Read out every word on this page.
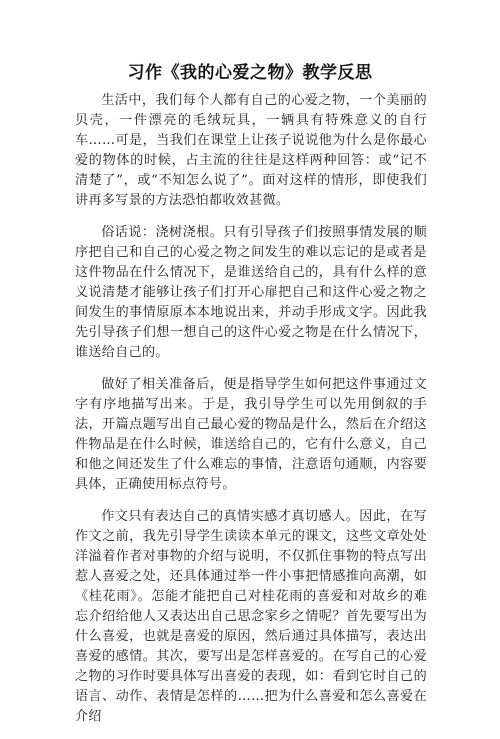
习作《我的心爱之物》教学反思

生活中，我们每个人都有自己的心爱之物，一个美丽的贝壳，一件漂亮的毛绒玩具，一辆具有特殊意义的自行车……可是，当我们在课堂上让孩子说说他为什么是你最心爱的物体的时候，占主流的往往是这样两种回答：或“记不清楚了”，或“不知怎么说了”。面对这样的情形，即使我们讲再多写景的方法恐怕都收效甚微。

俗话说：浇树浇根。只有引导孩子们按照事情发展的顺序把自己和自己的心爱之物之间发生的难以忘记的是或者是这件物品在什么情况下，是谁送给自己的，具有什么样的意义说清楚才能够让孩子们打开心扉把自己和这件心爱之物之间发生的事情原原本本地说出来，并动手形成文字。因此我先引导孩子们想一想自己的这件心爱之物是在什么情况下，谁送给自己的。

做好了相关准备后，便是指导学生如何把这件事通过文字有序地描写出来。于是，我引导学生可以先用倒叙的手法，开篇点题写出自己最心爱的物品是什么，然后在介绍这件物品是在什么时候，谁送给自己的，它有什么意义，自己和他之间还发生了什么难忘的事情，注意语句通顺，内容要具体，正确使用标点符号。

作文只有表达自己的真情实感才真切感人。因此，在写作文之前，我先引导学生读读本单元的课文，这些文章处处洋溢着作者对事物的介绍与说明，不仅抓住事物的特点写出惹人喜爱之处，还具体通过举一件小事把情感推向高潮，如《桂花雨》。怎能才能把自己对桂花雨的喜爱和对故乡的难忘介绍给他人又表达出自己思念家乡之情呢？首先要写出为什么喜爱，也就是喜爱的原因，然后通过具体描写，表达出喜爱的感情。其次，要写出是怎样喜爱的。在写自己的心爱之物的习作时要具体写出喜爱的表现，如：看到它时自己的语言、动作、表情是怎样的……把为什么喜爱和怎么喜爱在介绍
